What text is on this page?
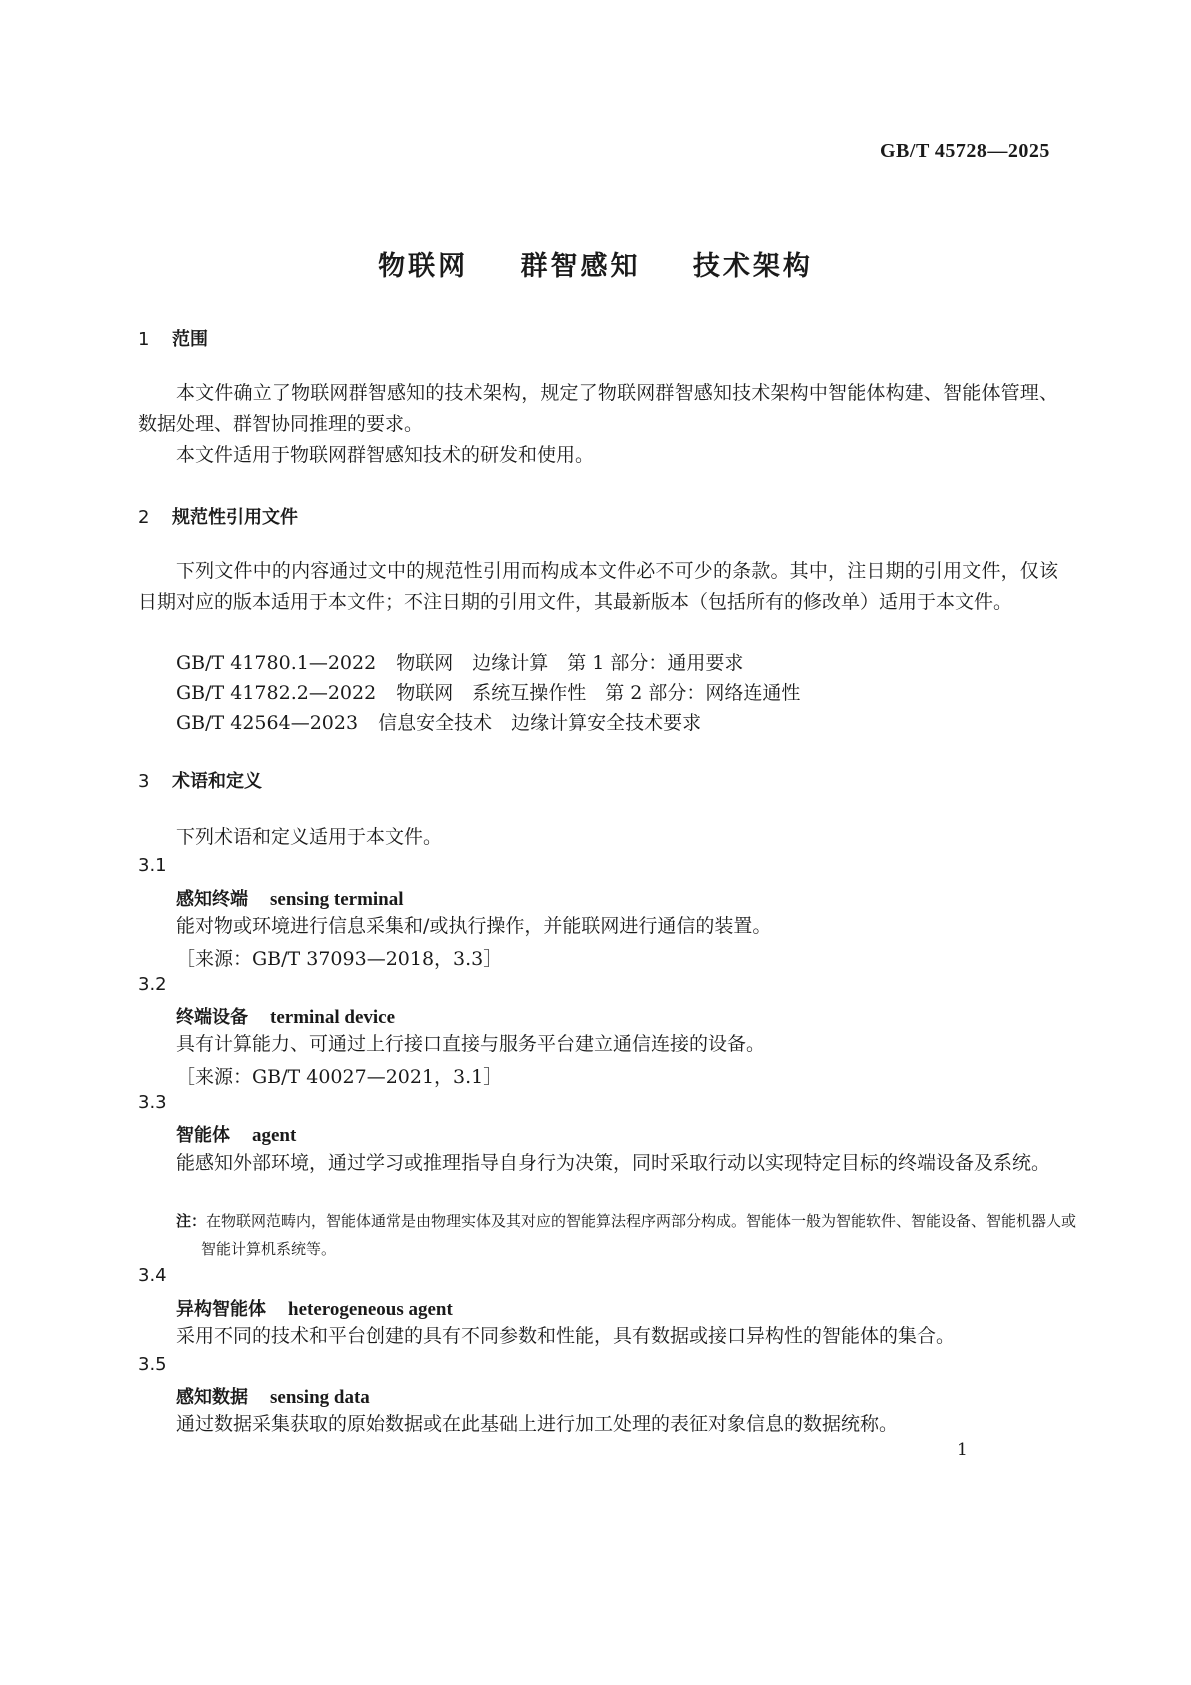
GB/T 45728—2025
物联网 群智感知 技术架构
1 范围
本文件确立了物联网群智感知的技术架构，规定了物联网群智感知技术架构中智能体构建、智能体管理、数据处理、群智协同推理的要求。
本文件适用于物联网群智感知技术的研发和使用。
2 规范性引用文件
下列文件中的内容通过文中的规范性引用而构成本文件必不可少的条款。其中，注日期的引用文件，仅该日期对应的版本适用于本文件；不注日期的引用文件，其最新版本（包括所有的修改单）适用于本文件。
GB/T 41780.1—2022 物联网　边缘计算　第 1 部分：通用要求
GB/T 41782.2—2022 物联网　系统互操作性　第 2 部分：网络连通性
GB/T 42564—2023 信息安全技术　边缘计算安全技术要求
3 术语和定义
下列术语和定义适用于本文件。
3.1
感知终端 sensing terminal
能对物或环境进行信息采集和/或执行操作，并能联网进行通信的装置。
［来源：GB/T 37093—2018，3.3］
3.2
终端设备 terminal device
具有计算能力、可通过上行接口直接与服务平台建立通信连接的设备。
［来源：GB/T 40027—2021，3.1］
3.3
智能体 agent
能感知外部环境，通过学习或推理指导自身行为决策，同时采取行动以实现特定目标的终端设备及系统。
注：在物联网范畴内，智能体通常是由物理实体及其对应的智能算法程序两部分构成。智能体一般为智能软件、智能设备、智能机器人或智能计算机系统等。
3.4
异构智能体 heterogeneous agent
采用不同的技术和平台创建的具有不同参数和性能，具有数据或接口异构性的智能体的集合。
3.5
感知数据 sensing data
通过数据采集获取的原始数据或在此基础上进行加工处理的表征对象信息的数据统称。
1
